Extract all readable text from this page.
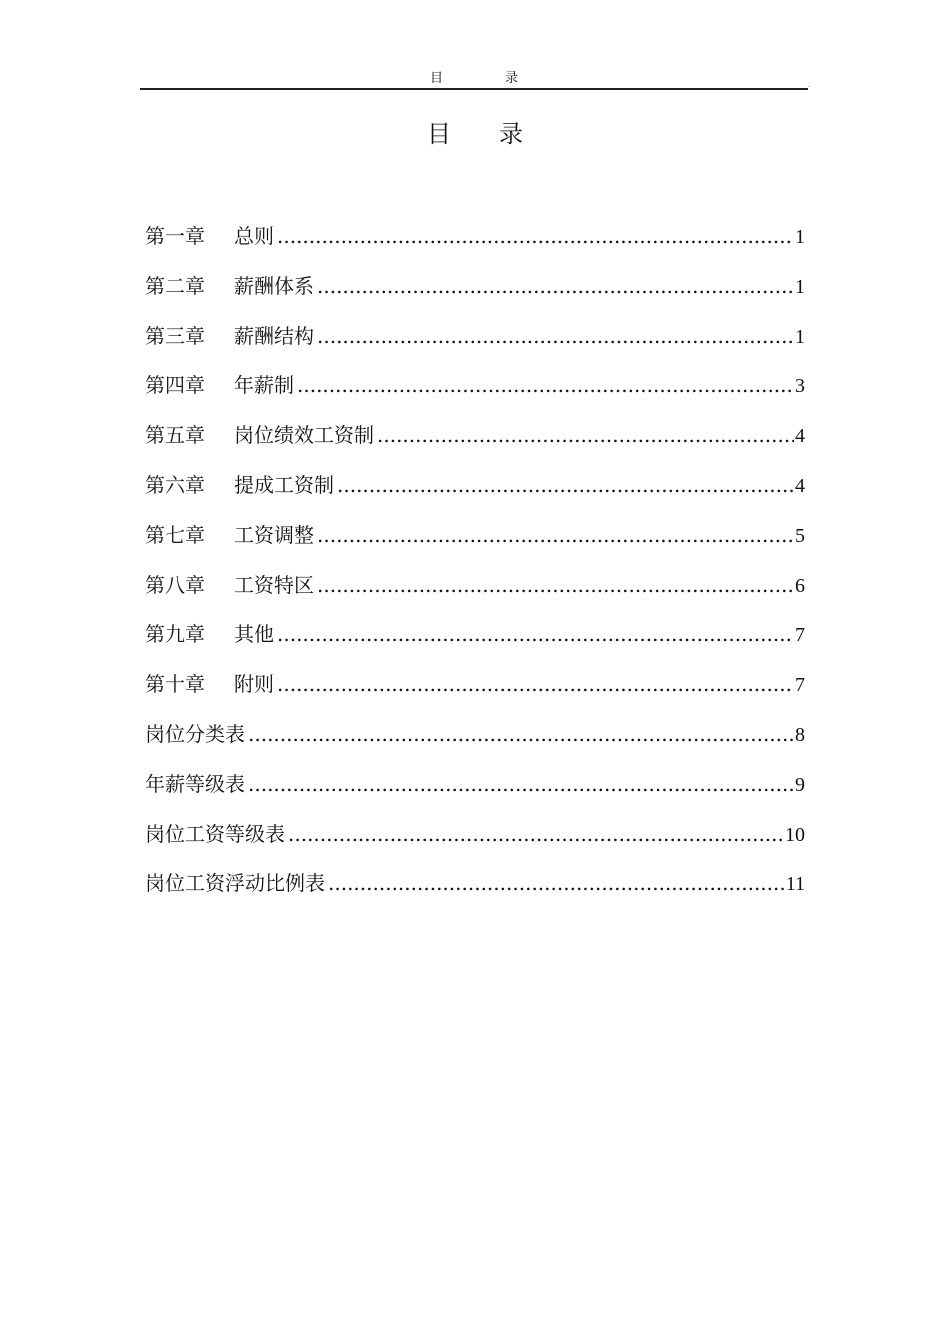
目录	.
目录
第一章	总则 .....	1
第二章	薪酬体系 .....	1
第三章	薪酬结构 .....	1
第四章	年薪制 .....	3
第五章	岗位绩效工资制 .....	4
第六章	提成工资制 .....	4
第七章	工资调整 .....	5
第八章	工资特区 .....	6
第九章	其他 .....	7
第十章	附则 .....	7
岗位分类表 .....	8
年薪等级表 .....	9
岗位工资等级表 .....	10
岗位工资浮动比例表 .....	11
